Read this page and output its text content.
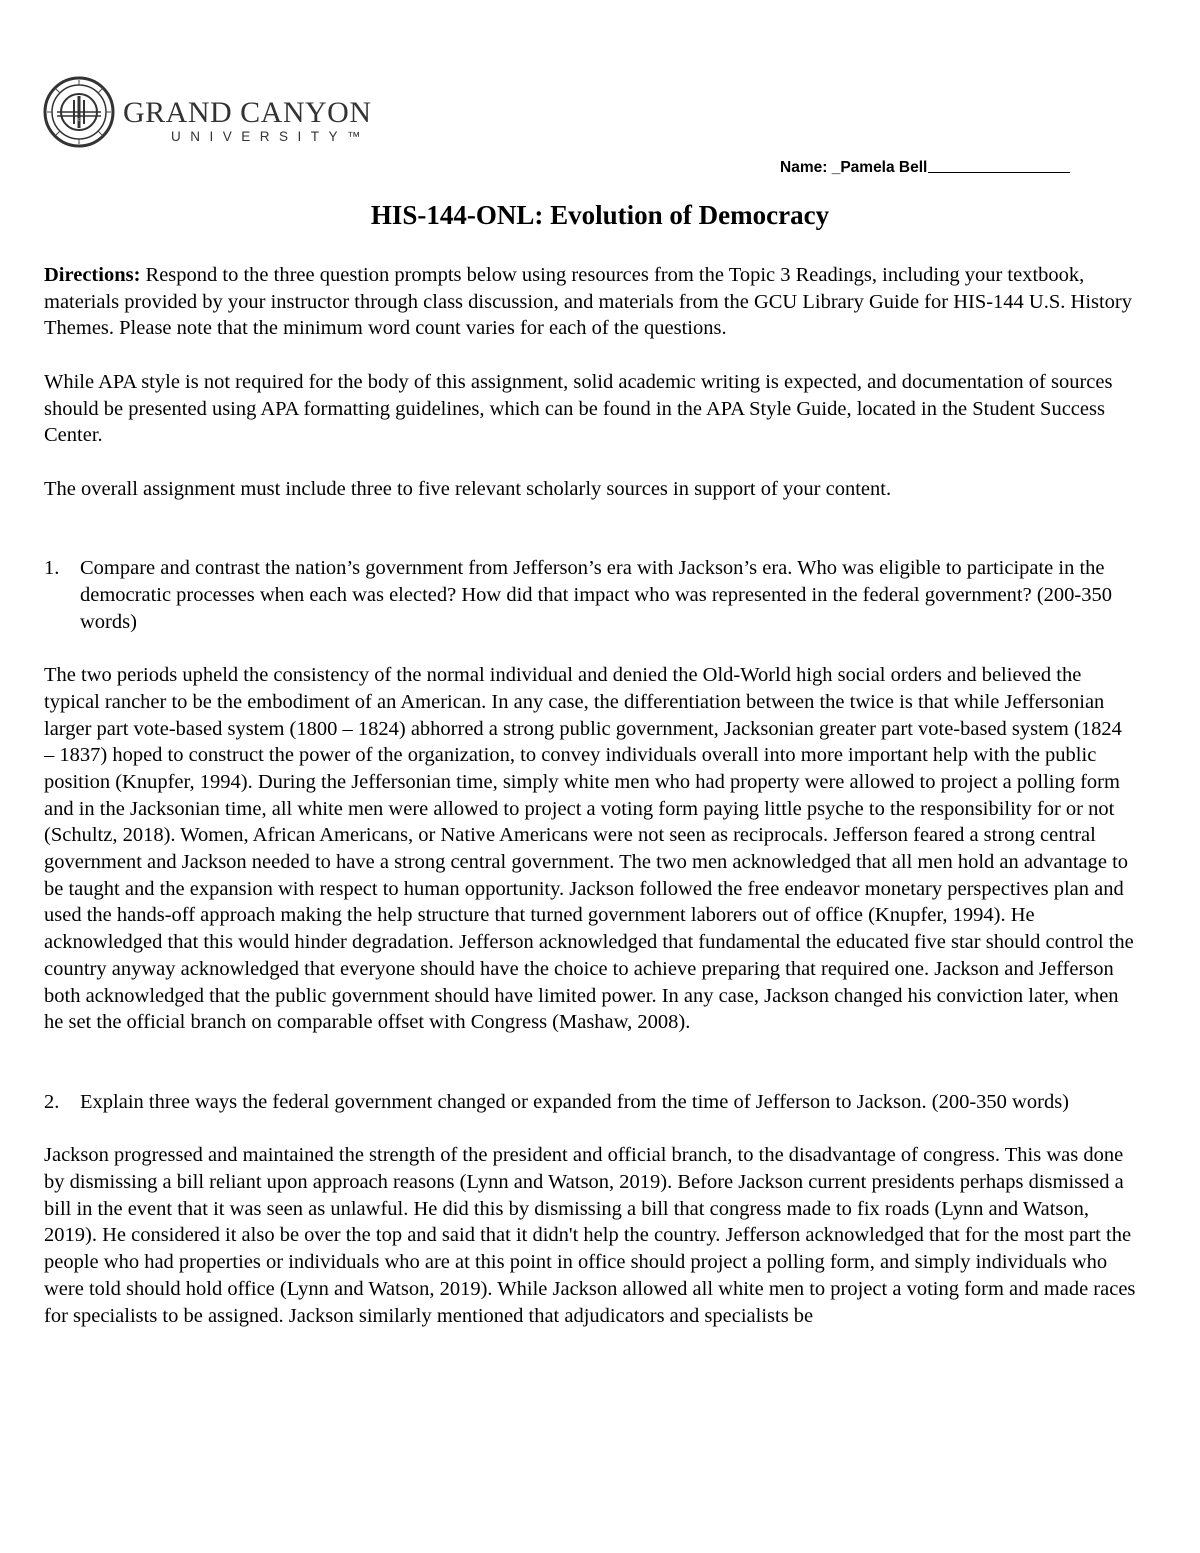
GCU GRAND CANYON
UNIVERSITY™
Name: _Pamela Bell
HIS-144-ONL: Evolution of Democracy

Directions: Respond to the three question prompts below using resources from the Topic 3 Readings, including your textbook, materials provided by your instructor through class discussion, and materials from the GCU Library Guide for HIS-144 U.S. History Themes. Please note that the minimum word count varies for each of the questions.

While APA style is not required for the body of this assignment, solid academic writing is expected, and documentation of sources should be presented using APA formatting guidelines, which can be found in the APA Style Guide, located in the Student Success Center.

The overall assignment must include three to five relevant scholarly sources in support of your content.

1.	Compare and contrast the nation’s government from Jefferson’s era with Jackson’s era. Who was eligible to participate in the democratic processes when each was elected? How did that impact who was represented in the federal government? (200-350 words)

The two periods upheld the consistency of the normal individual and denied the Old-World high social orders and believed the typical rancher to be the embodiment of an American. In any case, the differentiation between the twice is that while Jeffersonian larger part vote-based system (1800 – 1824) abhorred a strong public government, Jacksonian greater part vote-based system (1824 – 1837) hoped to construct the power of the organization, to convey individuals overall into more important help with the public position (Knupfer, 1994). During the Jeffersonian time, simply white men who had property were allowed to project a polling form and in the Jacksonian time, all white men were allowed to project a voting form paying little psyche to the responsibility for or not (Schultz, 2018). Women, African Americans, or Native Americans were not seen as reciprocals. Jefferson feared a strong central government and Jackson needed to have a strong central government. The two men acknowledged that all men hold an advantage to be taught and the expansion with respect to human opportunity. Jackson followed the free endeavor monetary perspectives plan and used the hands-off approach making the help structure that turned government laborers out of office (Knupfer, 1994). He acknowledged that this would hinder degradation. Jefferson acknowledged that fundamental the educated five star should control the country anyway acknowledged that everyone should have the choice to achieve preparing that required one. Jackson and Jefferson both acknowledged that the public government should have limited power. In any case, Jackson changed his conviction later, when he set the official branch on comparable offset with Congress (Mashaw, 2008).

2.	Explain three ways the federal government changed or expanded from the time of Jefferson to Jackson. (200-350 words)

Jackson progressed and maintained the strength of the president and official branch, to the disadvantage of congress. This was done by dismissing a bill reliant upon approach reasons (Lynn and Watson, 2019). Before Jackson current presidents perhaps dismissed a bill in the event that it was seen as unlawful. He did this by dismissing a bill that congress made to fix roads (Lynn and Watson, 2019). He considered it also be over the top and said that it didn't help the country. Jefferson acknowledged that for the most part the people who had properties or individuals who are at this point in office should project a polling form, and simply individuals who were told should hold office (Lynn and Watson, 2019). While Jackson allowed all white men to project a voting form and made races for specialists to be assigned. Jackson similarly mentioned that adjudicators and specialists be
